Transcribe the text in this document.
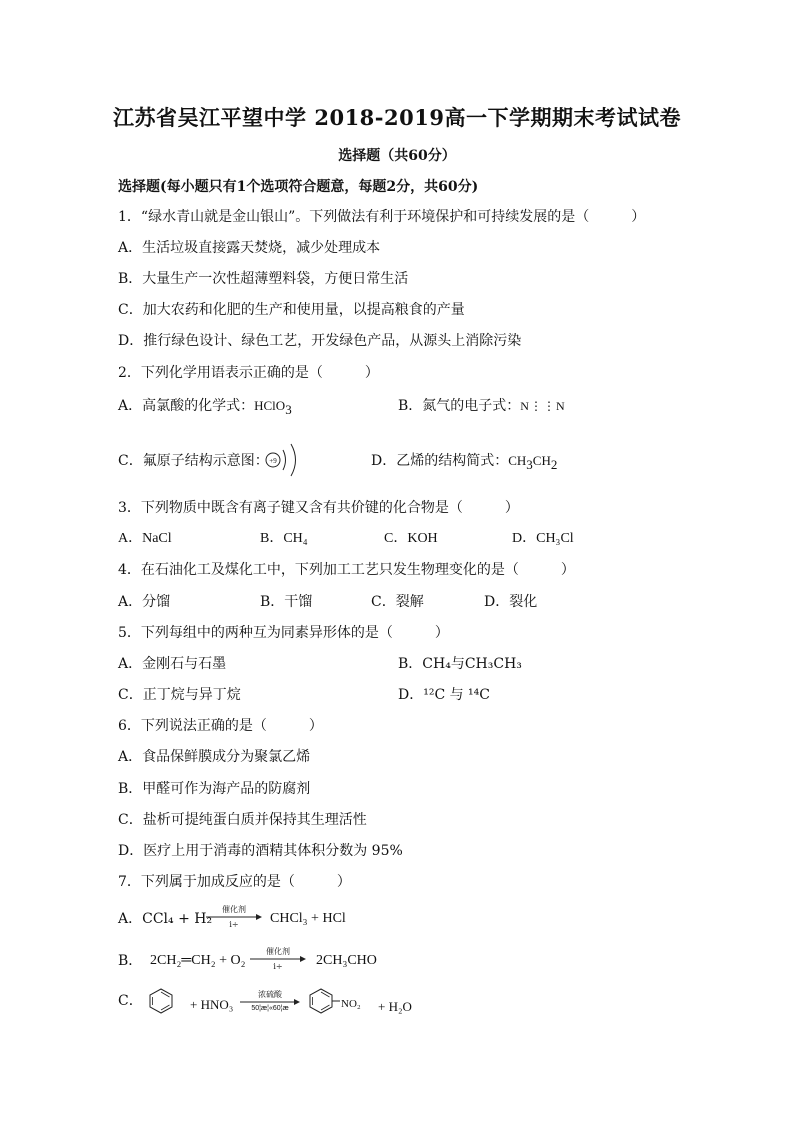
江苏省吴江平望中学 2018-2019高一下学期期末考试试卷
选择题（共60分）
选择题(每小题只有1个选项符合题意，每题2分，共60分)
1．“绿水青山就是金山银山”。下列做法有利于环境保护和可持续发展的是（　　　）
A．生活垃圾直接露天焚烧，减少处理成本
B．大量生产一次性超薄塑料袋，方便日常生活
C．加大农药和化肥的生产和使用量，以提高粮食的产量
D．推行绿色设计、绿色工艺，开发绿色产品，从源头上消除污染
2．下列化学用语表示正确的是（　　　）
A．高氯酸的化学式：HClO$_3$	B．氮气的电子式：N⋮⋮N
C．氟原子结构示意图： +9	D．乙烯的结构简式：$CH_3CH_2$
3．下列物质中既含有离子键又含有共价键的化合物是（　　　）
A．NaCl	B．CH₄	C．KOH	D．CH₃Cl
4．在石油化工及煤化工中，下列加工工艺只发生物理变化的是（　　　）
A．分馏	B．干馏	C．裂解	D．裂化
5．下列每组中的两种互为同素异形体的是（　　　）
A．金刚石与石墨	B．CH₄与CH₃CH₃
C．正丁烷与异丁烷	D．¹²C 与 ¹⁴C
6．下列说法正确的是（　　　）
A．食品保鲜膜成分为聚氯乙烯
B．甲醛可作为海产品的防腐剂
C．盐析可提纯蛋白质并保持其生理活性
D．医疗上用于消毒的酒精其体积分数为 95%
7．下列属于加成反应的是（　　　）
A．CCl₄ + H₂
催化剂
i÷	CHCl₃ + HCl
B． 2CH₂═CH₂ + O₂
催化剂
i÷	2CH₃CHO
C．	+ HNO₃
浓硫酸
50¦æ¦«60¦æ	NO₂ + H₂O
